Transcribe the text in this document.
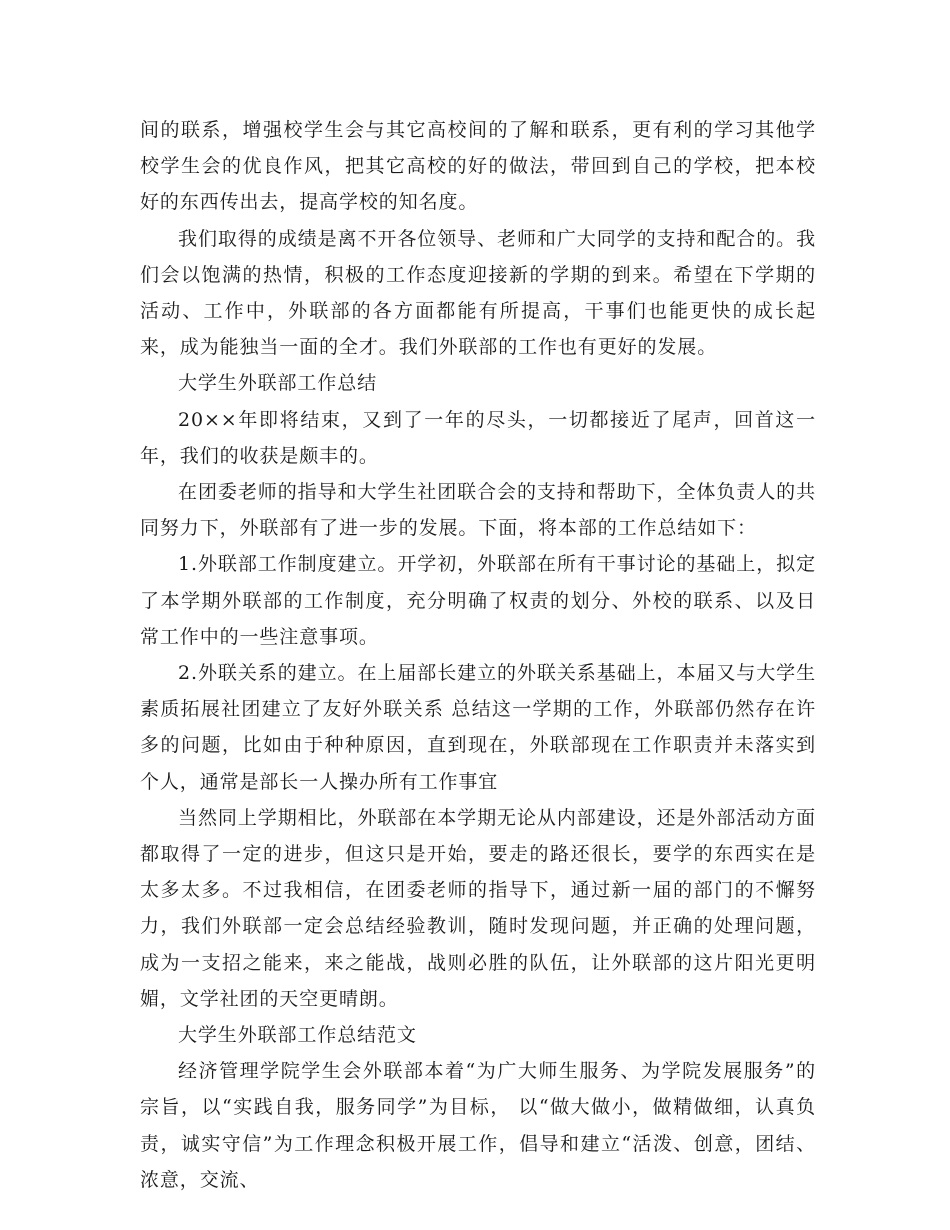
间的联系，增强校学生会与其它高校间的了解和联系，更有利的学习其他学校学生会的优良作风，把其它高校的好的做法，带回到自己的学校，把本校好的东西传出去，提高学校的知名度。

我们取得的成绩是离不开各位领导、老师和广大同学的支持和配合的。我们会以饱满的热情，积极的工作态度迎接新的学期的到来。希望在下学期的活动、工作中，外联部的各方面都能有所提高，干事们也能更快的成长起来，成为能独当一面的全才。我们外联部的工作也有更好的发展。

大学生外联部工作总结

20××年即将结束，又到了一年的尽头，一切都接近了尾声，回首这一年，我们的收获是颇丰的。

在团委老师的指导和大学生社团联合会的支持和帮助下，全体负责人的共同努力下，外联部有了进一步的发展。下面，将本部的工作总结如下：

1.外联部工作制度建立。开学初，外联部在所有干事讨论的基础上，拟定了本学期外联部的工作制度，充分明确了权责的划分、外校的联系、以及日常工作中的一些注意事项。

2.外联关系的建立。在上届部长建立的外联关系基础上，本届又与大学生素质拓展社团建立了友好外联关系 总结这一学期的工作，外联部仍然存在许多的问题，比如由于种种原因，直到现在，外联部现在工作职责并未落实到个人，通常是部长一人操办所有工作事宜

当然同上学期相比，外联部在本学期无论从内部建设，还是外部活动方面都取得了一定的进步，但这只是开始，要走的路还很长，要学的东西实在是太多太多。不过我相信，在团委老师的指导下，通过新一届的部门的不懈努力，我们外联部一定会总结经验教训，随时发现问题，并正确的处理问题，成为一支招之能来，来之能战，战则必胜的队伍，让外联部的这片阳光更明媚，文学社团的天空更晴朗。

大学生外联部工作总结范文

经济管理学院学生会外联部本着“为广大师生服务、为学院发展服务”的宗旨，以“实践自我，服务同学”为目标， 以“做大做小，做精做细，认真负责，诚实守信”为工作理念积极开展工作，倡导和建立“活泼、创意，团结、浓意，交流、
